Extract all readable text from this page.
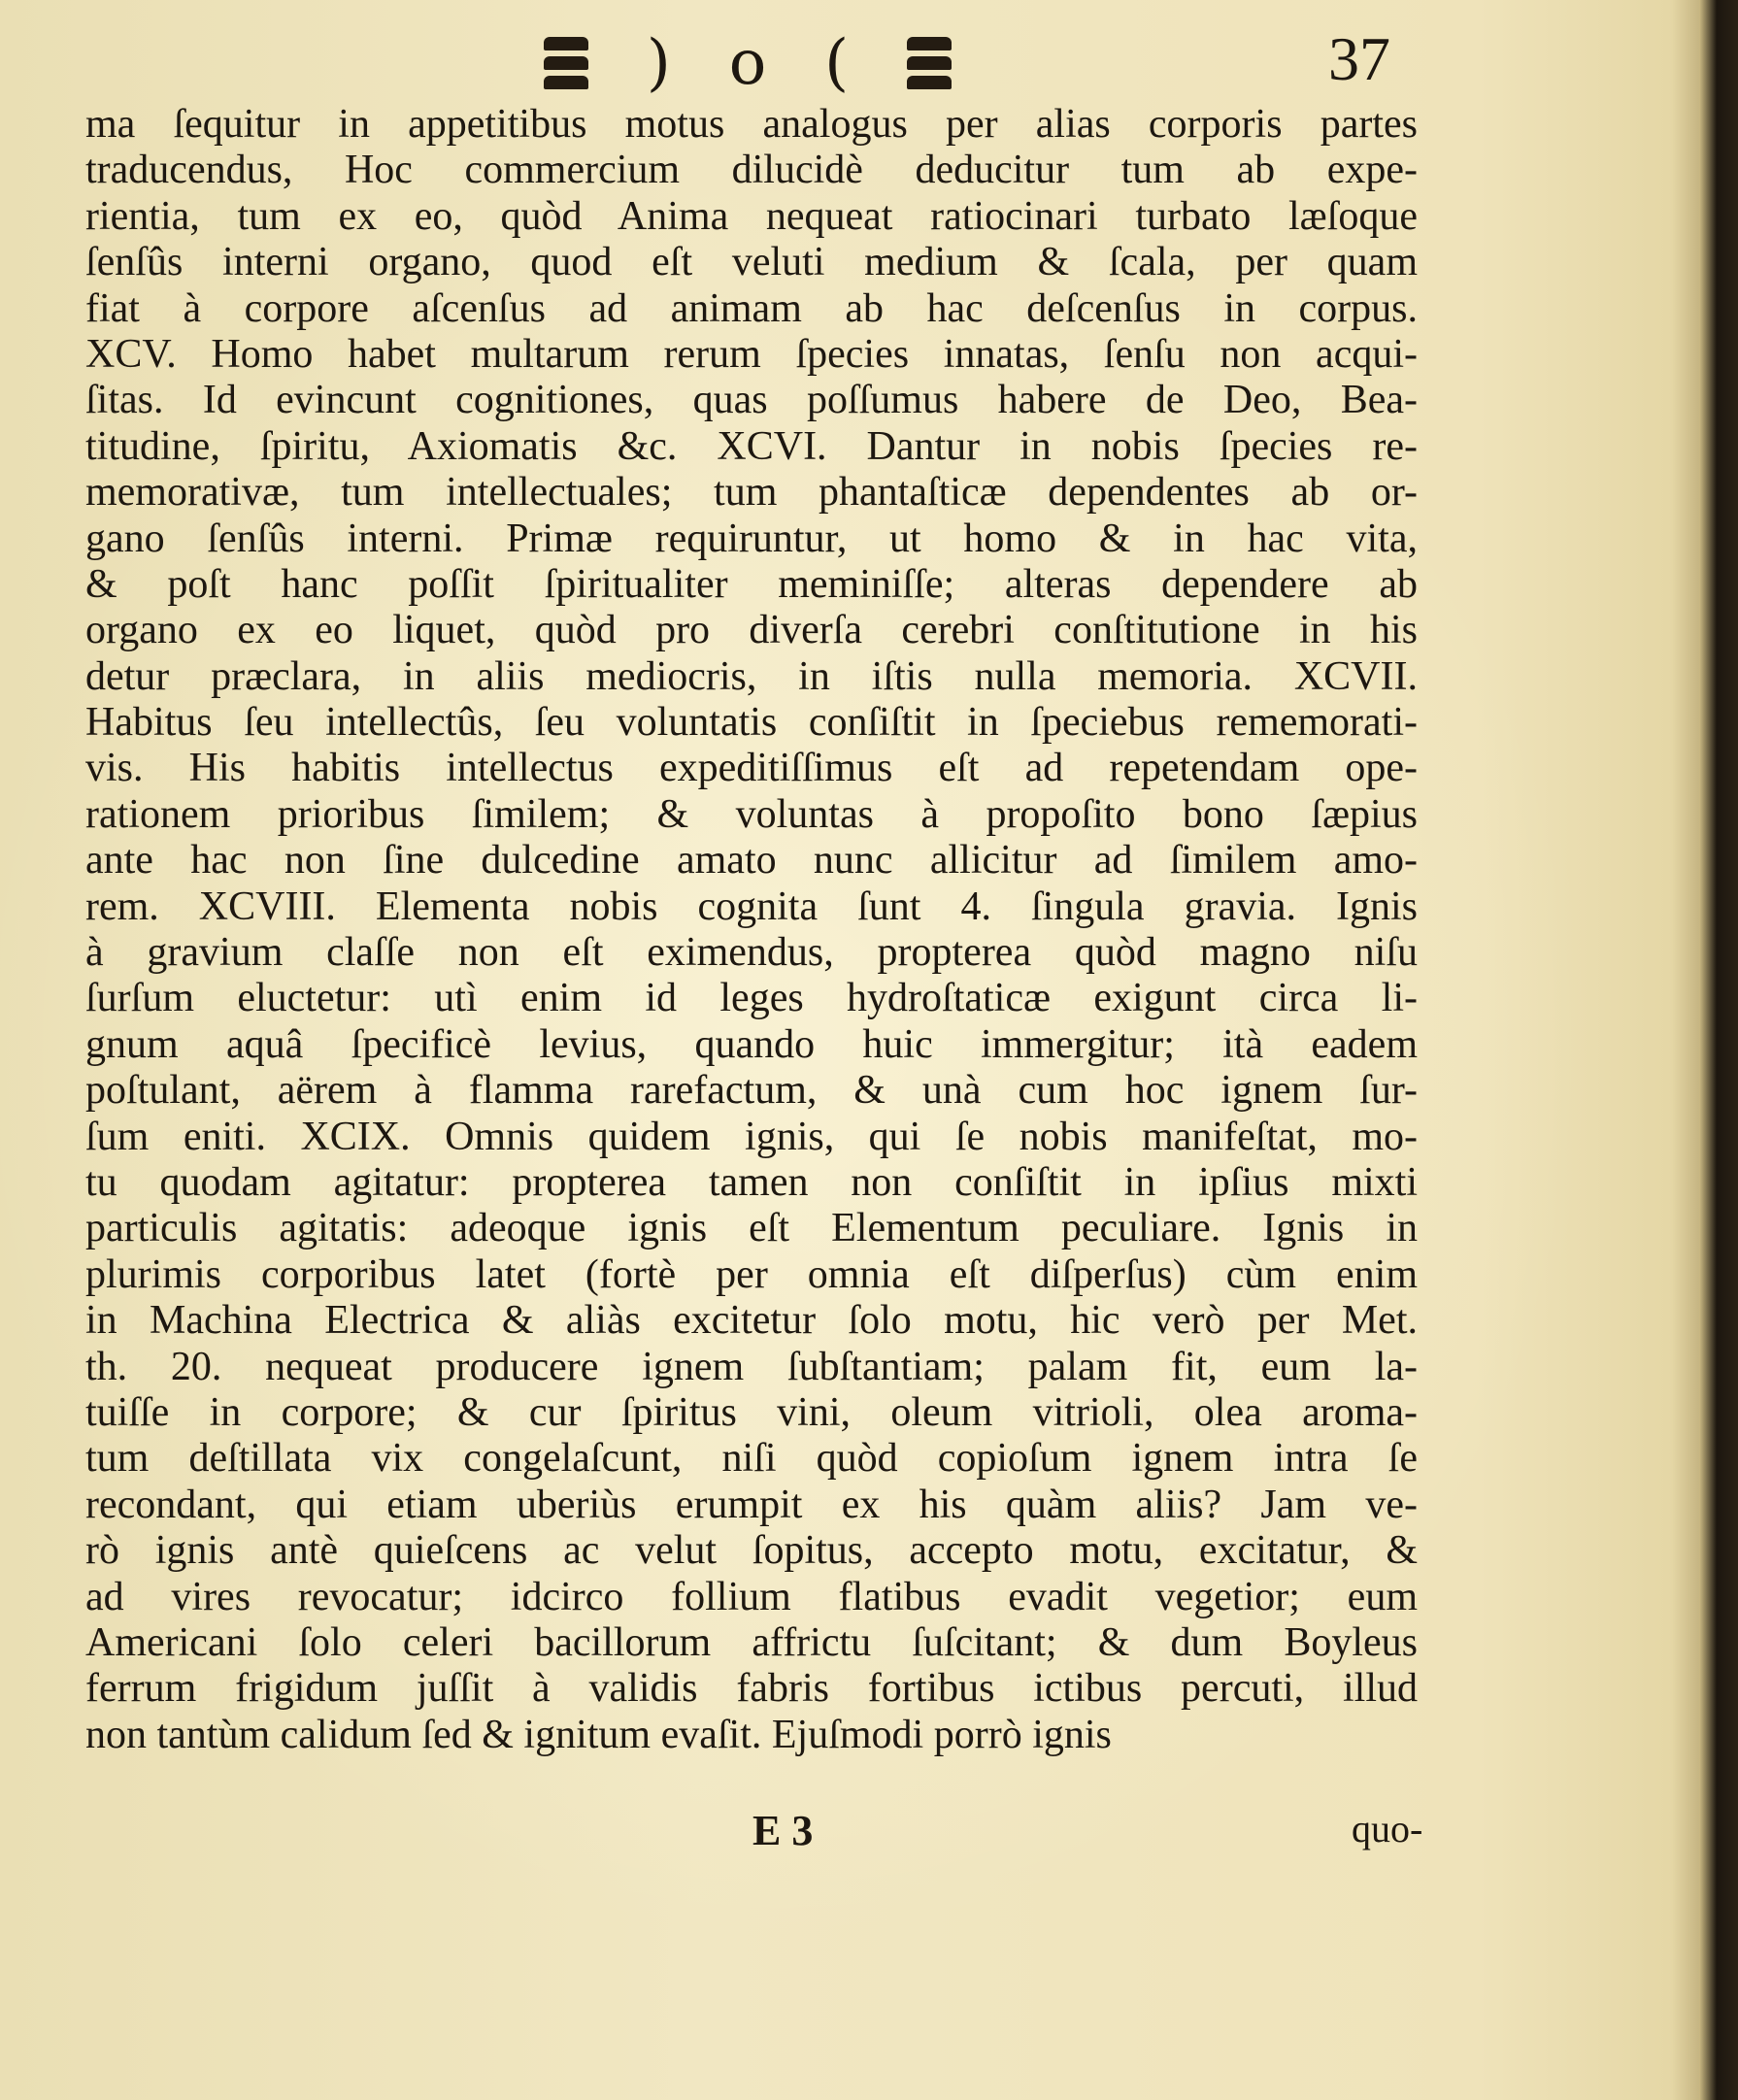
) o (	37
ma ſequitur in appetitibus motus analogus per alias corporis partes
traducendus, Hoc commercium dilucidè deducitur tum ab expe-
rientia, tum ex eo, quòd Anima nequeat ratiocinari turbato læſoque
ſenſûs interni organo, quod eſt veluti medium & ſcala, per quam
fiat à corpore aſcenſus ad animam ab hac deſcenſus in corpus.
XCV. Homo habet multarum rerum ſpecies innatas, ſenſu non acqui-
ſitas. Id evincunt cognitiones, quas poſſumus habere de Deo, Bea-
titudine, ſpiritu, Axiomatis &c. XCVI. Dantur in nobis ſpecies re-
memorativæ, tum intellectuales; tum phantaſticæ dependentes ab or-
gano ſenſûs interni. Primæ requiruntur, ut homo & in hac vita,
& poſt hanc poſſit ſpiritualiter meminiſſe; alteras dependere ab
organo ex eo liquet, quòd pro diverſa cerebri conſtitutione in his
detur præclara, in aliis mediocris, in iſtis nulla memoria. XCVII.
Habitus ſeu intellectûs, ſeu voluntatis conſiſtit in ſpeciebus rememorati-
vis. His habitis intellectus expeditiſſimus eſt ad repetendam ope-
rationem prioribus ſimilem; & voluntas à propoſito bono ſæpius
ante hac non ſine dulcedine amato nunc allicitur ad ſimilem amo-
rem. XCVIII. Elementa nobis cognita ſunt 4. ſingula gravia. Ignis
à gravium claſſe non eſt eximendus, propterea quòd magno niſu
ſurſum eluctetur: utì enim id leges hydroſtaticæ exigunt circa li-
gnum aquâ ſpecificè levius, quando huic immergitur; ità eadem
poſtulant, aërem à flamma rarefactum, & unà cum hoc ignem ſur-
ſum eniti. XCIX. Omnis quidem ignis, qui ſe nobis manifeſtat, mo-
tu quodam agitatur: propterea tamen non conſiſtit in ipſius mixti
particulis agitatis: adeoque ignis eſt Elementum peculiare. Ignis in
plurimis corporibus latet (fortè per omnia eſt diſperſus) cùm enim
in Machina Electrica & aliàs excitetur ſolo motu, hic verò per Met.
th. 20. nequeat producere ignem ſubſtantiam; palam fit, eum la-
tuiſſe in corpore; & cur ſpiritus vini, oleum vitrioli, olea aroma-
tum deſtillata vix congelaſcunt, niſi quòd copioſum ignem intra ſe
recondant, qui etiam uberiùs erumpit ex his quàm aliis? Jam ve-
rò ignis antè quieſcens ac velut ſopitus, accepto motu, excitatur, &
ad vires revocatur; idcirco follium flatibus evadit vegetior; eum
Americani ſolo celeri bacillorum affrictu ſuſcitant; & dum Boyleus
ferrum frigidum juſſit à validis fabris fortibus ictibus percuti, illud
non tantùm calidum ſed & ignitum evaſit. Ejuſmodi porrò ignis
E 3	quo-
